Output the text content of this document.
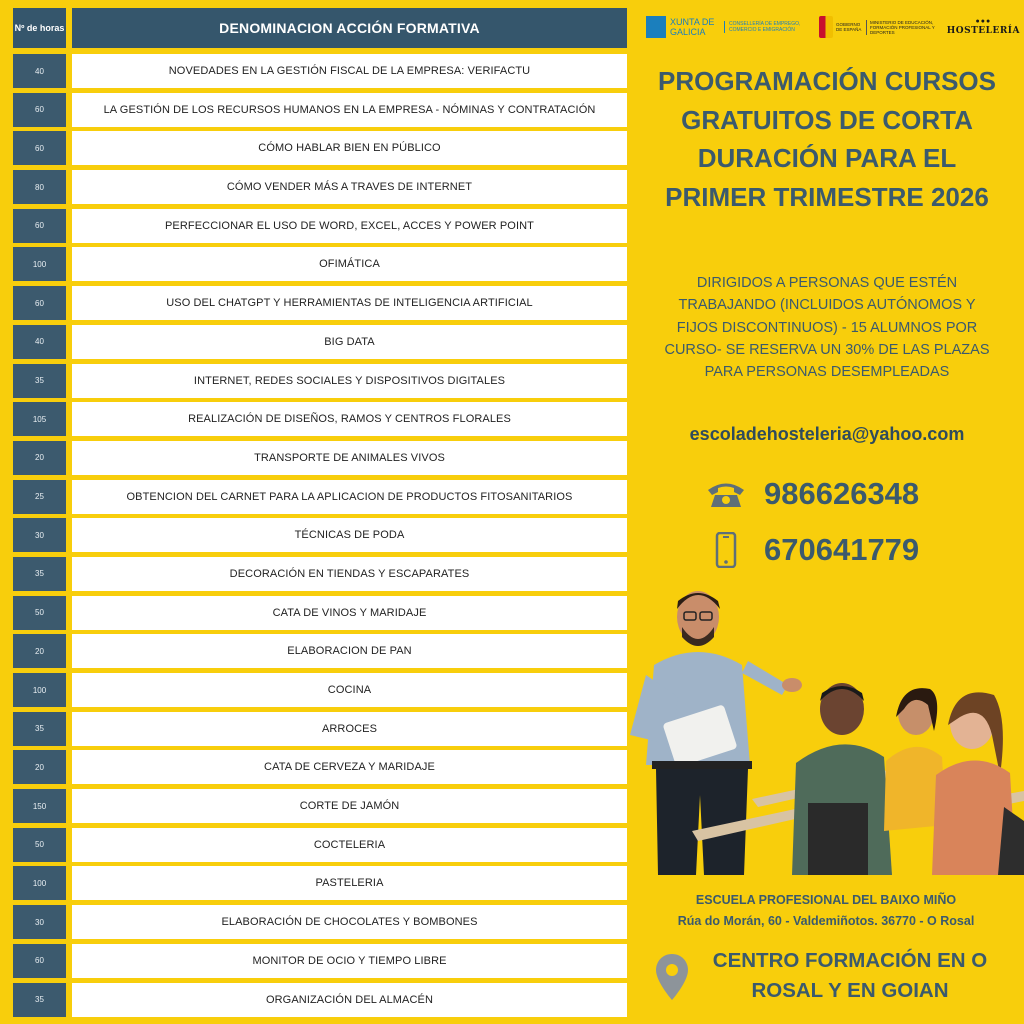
Nº de horas	DENOMINACION ACCIÓN FORMATIVA
40	NOVEDADES EN LA GESTIÓN FISCAL DE LA EMPRESA: VERIFACTU
60	LA GESTIÓN DE LOS RECURSOS HUMANOS EN LA EMPRESA - NÓMINAS Y CONTRATACIÓN
60	CÓMO HABLAR BIEN EN PÚBLICO
80	CÓMO VENDER MÁS A TRAVES DE INTERNET
60	PERFECCIONAR EL USO DE WORD, EXCEL, ACCES Y POWER POINT
100	OFIMÁTICA
60	USO DEL CHATGPT Y HERRAMIENTAS DE INTELIGENCIA ARTIFICIAL
40	BIG DATA
35	INTERNET, REDES SOCIALES Y DISPOSITIVOS DIGITALES
105	REALIZACIÓN DE DISEÑOS, RAMOS Y CENTROS FLORALES
20	TRANSPORTE DE ANIMALES VIVOS
25	OBTENCION DEL CARNET PARA LA APLICACION DE PRODUCTOS FITOSANITARIOS
30	TÉCNICAS DE PODA
35	DECORACIÓN EN TIENDAS Y ESCAPARATES
50	CATA DE VINOS Y MARIDAJE
20	ELABORACION DE PAN
100	COCINA
35	ARROCES
20	CATA DE CERVEZA Y MARIDAJE
150	CORTE DE JAMÓN
50	COCTELERIA
100	PASTELERIA
30	ELABORACIÓN DE CHOCOLATES Y BOMBONES
60	MONITOR DE OCIO Y TIEMPO LIBRE
35	ORGANIZACIÓN DEL ALMACÉN
XUNTA DE GALICIA
CONSELLERÍA DE EMPREGO, COMERCIO E EMIGRACIÓN
GOBIERNO DE ESPAÑA
MINISTERIO DE EDUCACIÓN, FORMACIÓN PROFESIONAL Y DEPORTES
●●●
HOSTELERÍA
PROGRAMACIÓN CURSOS GRATUITOS DE CORTA DURACIÓN PARA EL PRIMER TRIMESTRE 2026
DIRIGIDOS A PERSONAS QUE ESTÉN TRABAJANDO (INCLUIDOS AUTÓNOMOS Y FIJOS DISCONTINUOS) - 15 ALUMNOS POR CURSO- SE RESERVA UN 30% DE LAS PLAZAS PARA PERSONAS DESEMPLEADAS
escoladehosteleria@yahoo.com
986626348
670641779
ESCUELA PROFESIONAL DEL BAIXO MIÑO
Rúa do Morán, 60 - Valdemiñotos. 36770 - O Rosal
CENTRO FORMACIÓN EN O ROSAL Y EN GOIAN
